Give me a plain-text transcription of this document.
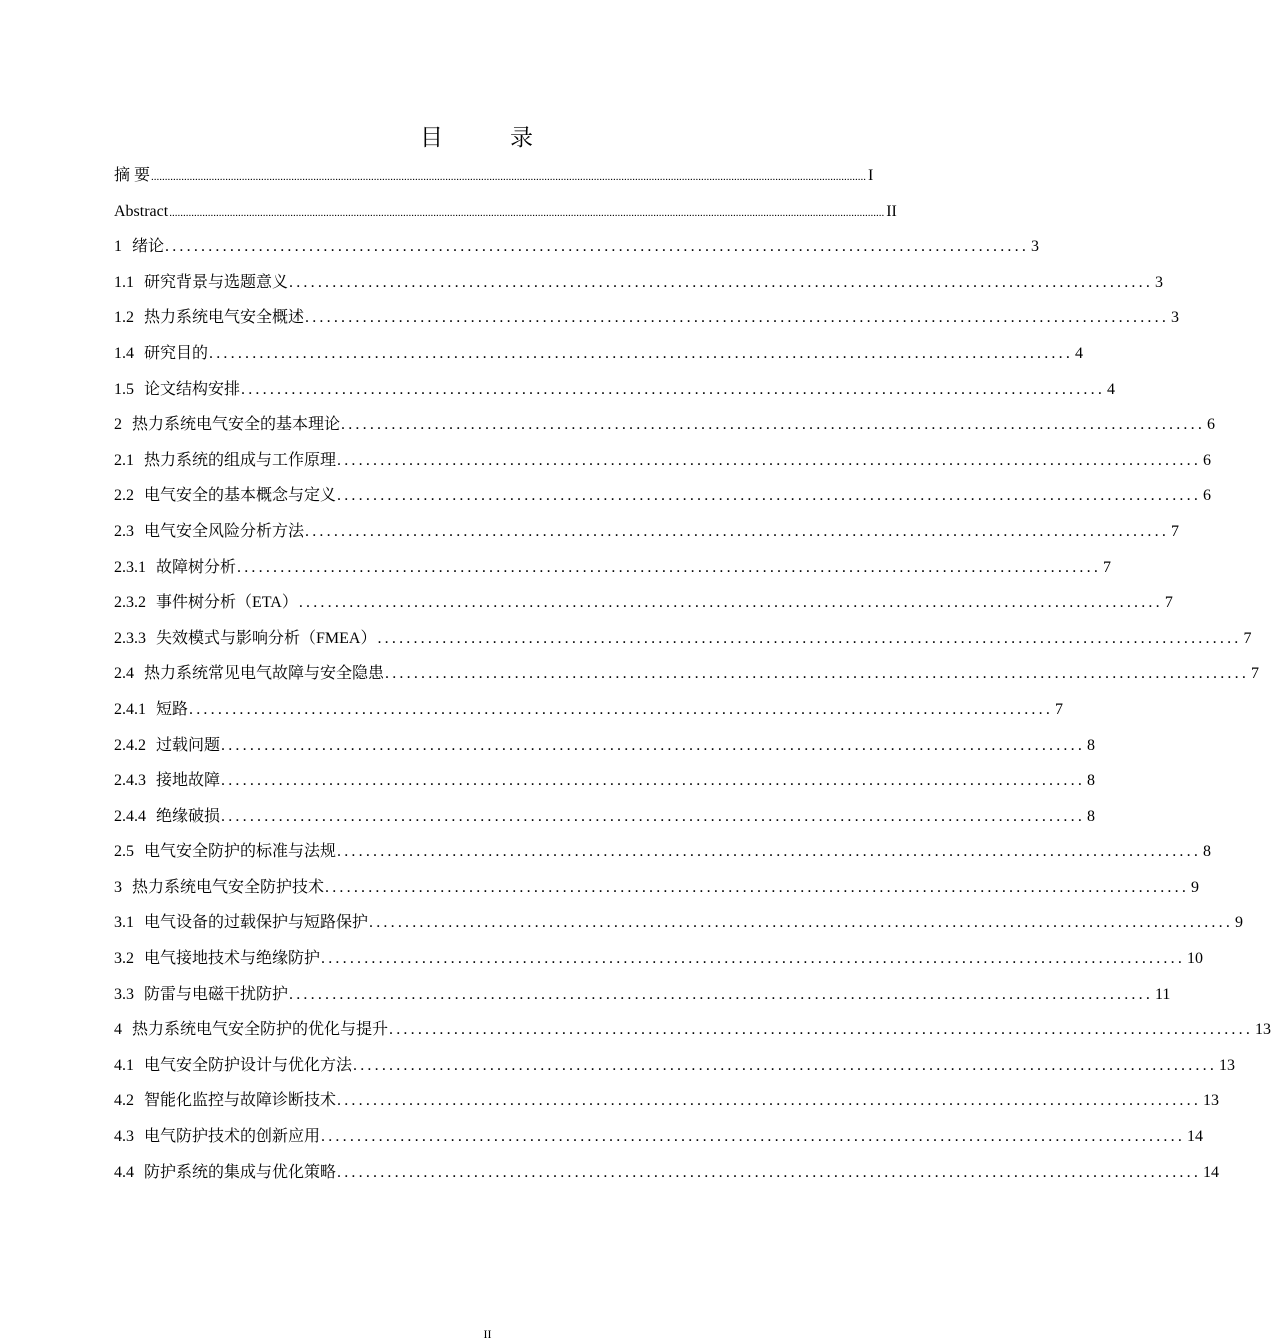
目　录
摘 要 .................................................................................................................................................................................................................................................................... I
Abstract .................................................................................................................................................................................................................................................................... II
1 绪论 ........................................................................................................................ 3
1.1 研究背景与选题意义 ........................................................................................................................ 3
1.2 热力系统电气安全概述 ........................................................................................................................ 3
1.4 研究目的 ........................................................................................................................ 4
1.5 论文结构安排 ........................................................................................................................ 4
2 热力系统电气安全的基本理论 ........................................................................................................................ 6
2.1 热力系统的组成与工作原理 ........................................................................................................................ 6
2.2 电气安全的基本概念与定义 ........................................................................................................................ 6
2.3 电气安全风险分析方法 ........................................................................................................................ 7
2.3.1 故障树分析 ........................................................................................................................ 7
2.3.2 事件树分析（ETA） ........................................................................................................................ 7
2.3.3 失效模式与影响分析（FMEA） ........................................................................................................................ 7
2.4 热力系统常见电气故障与安全隐患 ........................................................................................................................ 7
2.4.1 短路 ........................................................................................................................ 7
2.4.2 过载问题 ........................................................................................................................ 8
2.4.3 接地故障 ........................................................................................................................ 8
2.4.4 绝缘破损 ........................................................................................................................ 8
2.5 电气安全防护的标准与法规 ........................................................................................................................ 8
3 热力系统电气安全防护技术 ........................................................................................................................ 9
3.1 电气设备的过载保护与短路保护 ........................................................................................................................ 9
3.2 电气接地技术与绝缘防护 ........................................................................................................................ 10
3.3 防雷与电磁干扰防护 ........................................................................................................................ 11
4 热力系统电气安全防护的优化与提升 ........................................................................................................................ 13
4.1 电气安全防护设计与优化方法 ........................................................................................................................ 13
4.2 智能化监控与故障诊断技术 ........................................................................................................................ 13
4.3 电气防护技术的创新应用 ........................................................................................................................ 14
4.4 防护系统的集成与优化策略 ........................................................................................................................ 14
II
